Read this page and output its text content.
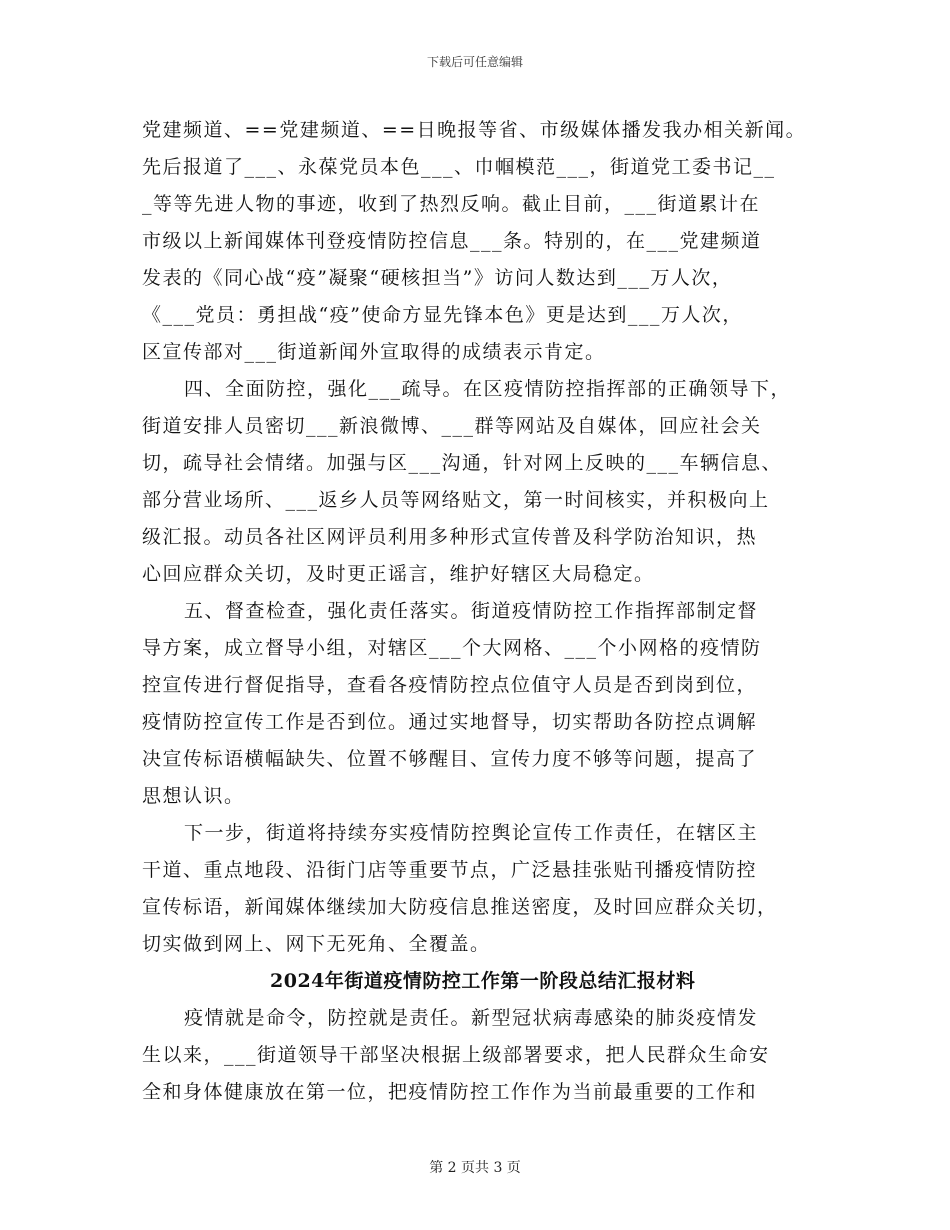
下载后可任意编辑
党建频道、==党建频道、==日晚报等省、市级媒体播发我办相关新闻。
先后报道了___、永葆党员本色___、巾帼模范___，街道党工委书记__
_等等先进人物的事迹，收到了热烈反响。截止目前，___街道累计在
市级以上新闻媒体刊登疫情防控信息___条。特别的，在___党建频道
发表的《同心战“疫”凝聚“硬核担当”》访问人数达到___万人次，
《___党员：勇担战“疫”使命方显先锋本色》更是达到___万人次，
区宣传部对___街道新闻外宣取得的成绩表示肯定。
四、全面防控，强化___疏导。在区疫情防控指挥部的正确领导下，
街道安排人员密切___新浪微博、___群等网站及自媒体，回应社会关
切，疏导社会情绪。加强与区___沟通，针对网上反映的___车辆信息、
部分营业场所、___返乡人员等网络贴文，第一时间核实，并积极向上
级汇报。动员各社区网评员利用多种形式宣传普及科学防治知识，热
心回应群众关切，及时更正谣言，维护好辖区大局稳定。
五、督查检查，强化责任落实。街道疫情防控工作指挥部制定督
导方案，成立督导小组，对辖区___个大网格、___个小网格的疫情防
控宣传进行督促指导，查看各疫情防控点位值守人员是否到岗到位，
疫情防控宣传工作是否到位。通过实地督导，切实帮助各防控点调解
决宣传标语横幅缺失、位置不够醒目、宣传力度不够等问题，提高了
思想认识。
下一步，街道将持续夯实疫情防控舆论宣传工作责任，在辖区主
干道、重点地段、沿街门店等重要节点，广泛悬挂张贴刊播疫情防控
宣传标语，新闻媒体继续加大防疫信息推送密度，及时回应群众关切，
切实做到网上、网下无死角、全覆盖。
2024年街道疫情防控工作第一阶段总结汇报材料
疫情就是命令，防控就是责任。新型冠状病毒感染的肺炎疫情发
生以来，___街道领导干部坚决根据上级部署要求，把人民群众生命安
全和身体健康放在第一位，把疫情防控工作作为当前最重要的工作和
第 2 页共 3 页
